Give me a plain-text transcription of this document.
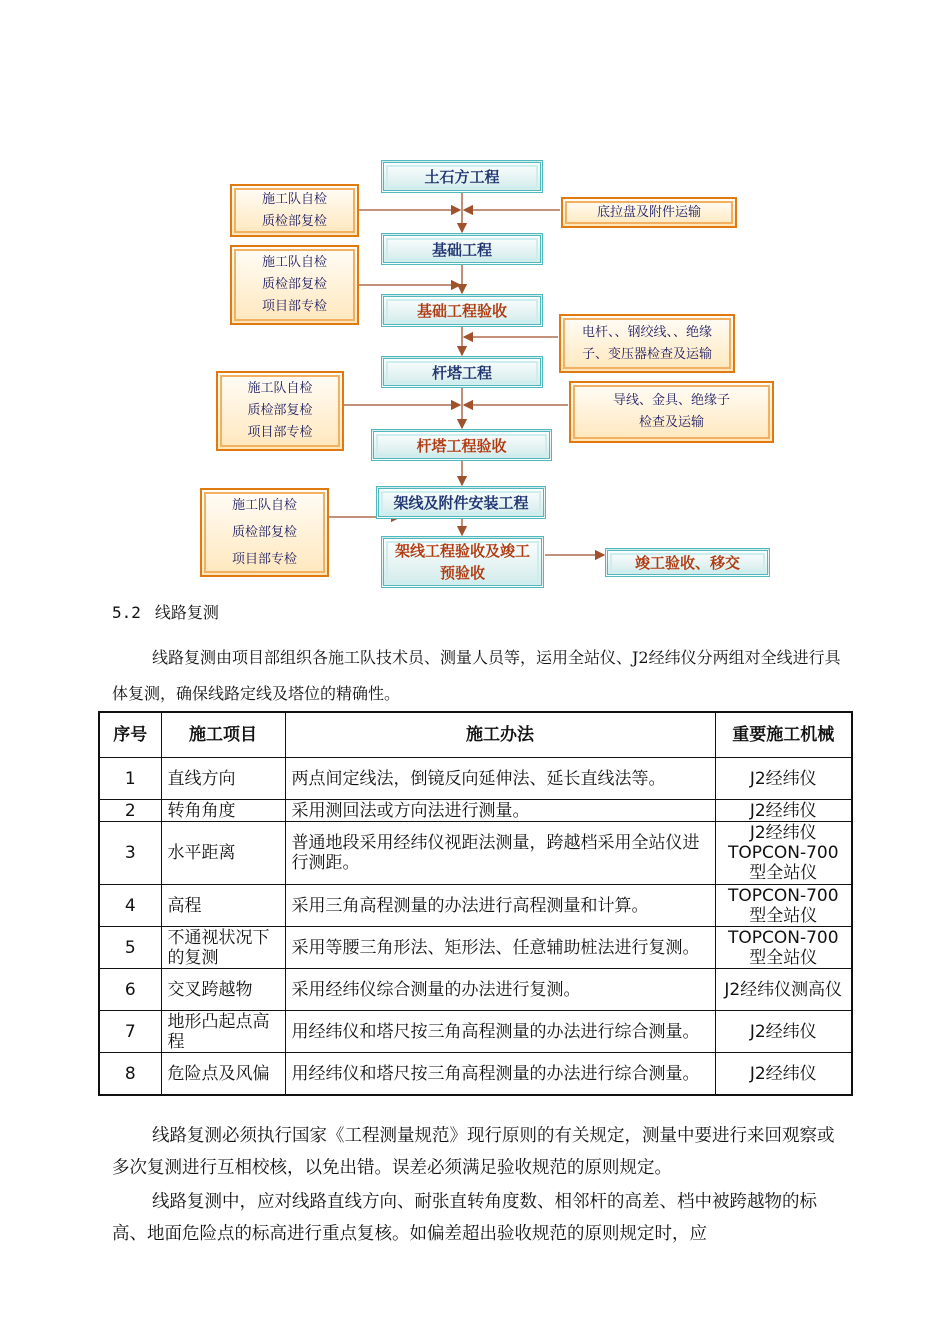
土石方工程
基础工程
基础工程验收
杆塔工程
杆塔工程验收
架线及附件安装工程
架线工程验收及竣工预验收
竣工验收、移交
施工队自检
质检部复检
施工队自检
质检部复检
项目部专检
施工队自检
质检部复检
项目部专检
施工队自检
质检部复检
项目部专检
底拉盘及附件运输
电杆、、钢绞线、、绝缘
子、变压器检查及运输
导线、金具、绝缘子
检查及运输
5.2 线路复测
线路复测由项目部组织各施工队技术员、测量人员等，运用全站仪、J2经纬仪分两组对全线进行具体复测，确保线路定线及塔位的精确性。
序号	施工项目	施工办法	重要施工机械
1	直线方向	两点间定线法，倒镜反向延伸法、延长直线法等。	J2经纬仪
2	转角角度	采用测回法或方向法进行测量。	J2经纬仪
3	水平距离	普通地段采用经纬仪视距法测量，跨越档采用全站仪进行测距。	J2经纬仪 TOPCON-700型全站仪
4	高程	采用三角高程测量的办法进行高程测量和计算。	TOPCON-700型全站仪
5	不通视状况下的复测	采用等腰三角形法、矩形法、任意辅助桩法进行复测。	TOPCON-700型全站仪
6	交叉跨越物	采用经纬仪综合测量的办法进行复测。	J2经纬仪测高仪
7	地形凸起点高程	用经纬仪和塔尺按三角高程测量的办法进行综合测量。	J2经纬仪
8	危险点及风偏	用经纬仪和塔尺按三角高程测量的办法进行综合测量。	J2经纬仪
线路复测必须执行国家《工程测量规范》现行原则的有关规定，测量中要进行来回观察或多次复测进行互相校核，以免出错。误差必须满足验收规范的原则规定。
线路复测中，应对线路直线方向、耐张直转角度数、相邻杆的高差、档中被跨越物的标高、地面危险点的标高进行重点复核。如偏差超出验收规范的原则规定时，应
